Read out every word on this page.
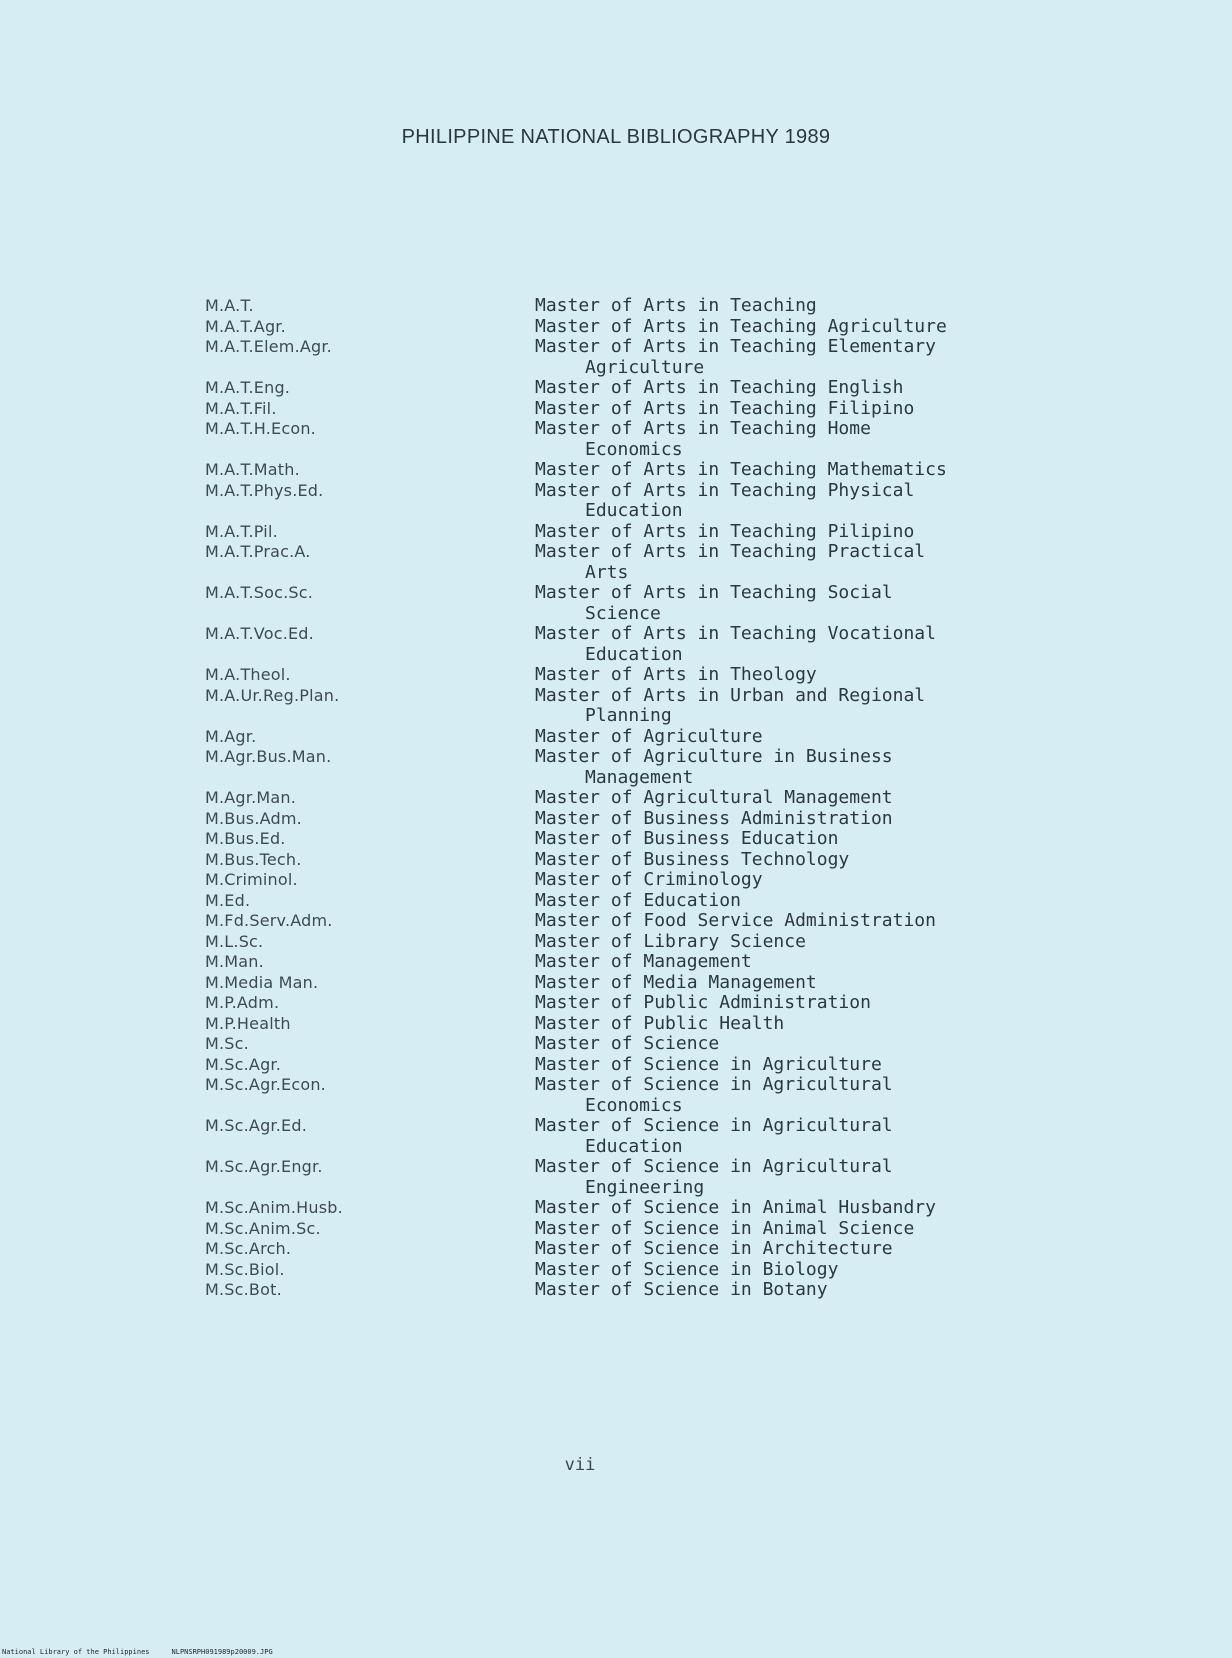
PHILIPPINE NATIONAL BIBLIOGRAPHY 1989
M.A.T.	Master of Arts in Teaching
M.A.T.Agr.	Master of Arts in Teaching Agriculture
M.A.T.Elem.Agr.	Master of Arts in Teaching Elementary
Agriculture
M.A.T.Eng.	Master of Arts in Teaching English
M.A.T.Fil.	Master of Arts in Teaching Filipino
M.A.T.H.Econ.	Master of Arts in Teaching Home
Economics
M.A.T.Math.	Master of Arts in Teaching Mathematics
M.A.T.Phys.Ed.	Master of Arts in Teaching Physical
Education
M.A.T.Pil.	Master of Arts in Teaching Pilipino
M.A.T.Prac.A.	Master of Arts in Teaching Practical
Arts
M.A.T.Soc.Sc.	Master of Arts in Teaching Social
Science
M.A.T.Voc.Ed.	Master of Arts in Teaching Vocational
Education
M.A.Theol.	Master of Arts in Theology
M.A.Ur.Reg.Plan.	Master of Arts in Urban and Regional
Planning
M.Agr.	Master of Agriculture
M.Agr.Bus.Man.	Master of Agriculture in Business
Management
M.Agr.Man.	Master of Agricultural Management
M.Bus.Adm.	Master of Business Administration
M.Bus.Ed.	Master of Business Education
M.Bus.Tech.	Master of Business Technology
M.Criminol.	Master of Criminology
M.Ed.	Master of Education
M.Fd.Serv.Adm.	Master of Food Service Administration
M.L.Sc.	Master of Library Science
M.Man.	Master of Management
M.Media Man.	Master of Media Management
M.P.Adm.	Master of Public Administration
M.P.Health	Master of Public Health
M.Sc.	Master of Science
M.Sc.Agr.	Master of Science in Agriculture
M.Sc.Agr.Econ.	Master of Science in Agricultural
Economics
M.Sc.Agr.Ed.	Master of Science in Agricultural
Education
M.Sc.Agr.Engr.	Master of Science in Agricultural
Engineering
M.Sc.Anim.Husb.	Master of Science in Animal Husbandry
M.Sc.Anim.Sc.	Master of Science in Animal Science
M.Sc.Arch.	Master of Science in Architecture
M.Sc.Biol.	Master of Science in Biology
M.Sc.Bot.	Master of Science in Botany
vii
National Library of the Philippines	NLPNSRPH091989p20009.JPG
